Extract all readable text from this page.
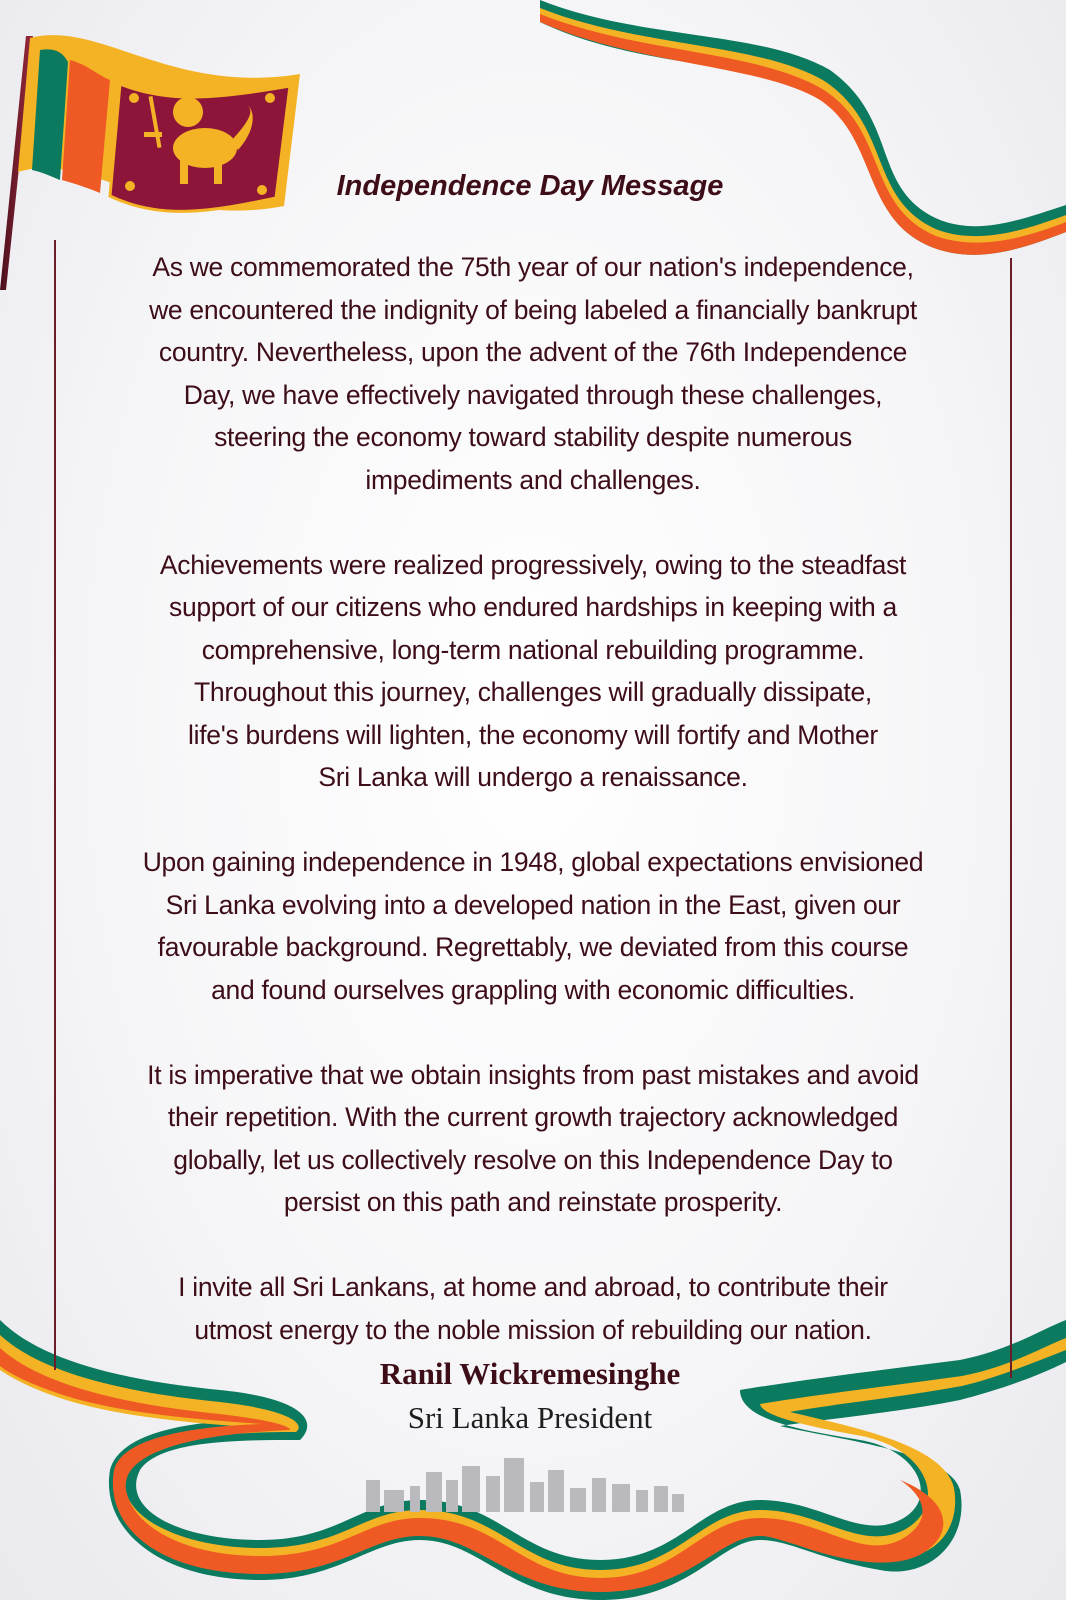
Independence Day Message

As we commemorated the 75th year of our nation's independence,
we encountered the indignity of being labeled a financially bankrupt
country. Nevertheless, upon the advent of the 76th Independence
Day, we have effectively navigated through these challenges,
steering the economy toward stability despite numerous
impediments and challenges.

Achievements were realized progressively, owing to the steadfast
support of our citizens who endured hardships in keeping with a
comprehensive, long-term national rebuilding programme.
Throughout this journey, challenges will gradually dissipate,
life's burdens will lighten, the economy will fortify and Mother
Sri Lanka will undergo a renaissance.

Upon gaining independence in 1948, global expectations envisioned
Sri Lanka evolving into a developed nation in the East, given our
favourable background. Regrettably, we deviated from this course
and found ourselves grappling with economic difficulties.

It is imperative that we obtain insights from past mistakes and avoid
their repetition. With the current growth trajectory acknowledged
globally, let us collectively resolve on this Independence Day to
persist on this path and reinstate prosperity.

I invite all Sri Lankans, at home and abroad, to contribute their
utmost energy to the noble mission of rebuilding our nation.

Ranil Wickremesinghe
Sri Lanka President
